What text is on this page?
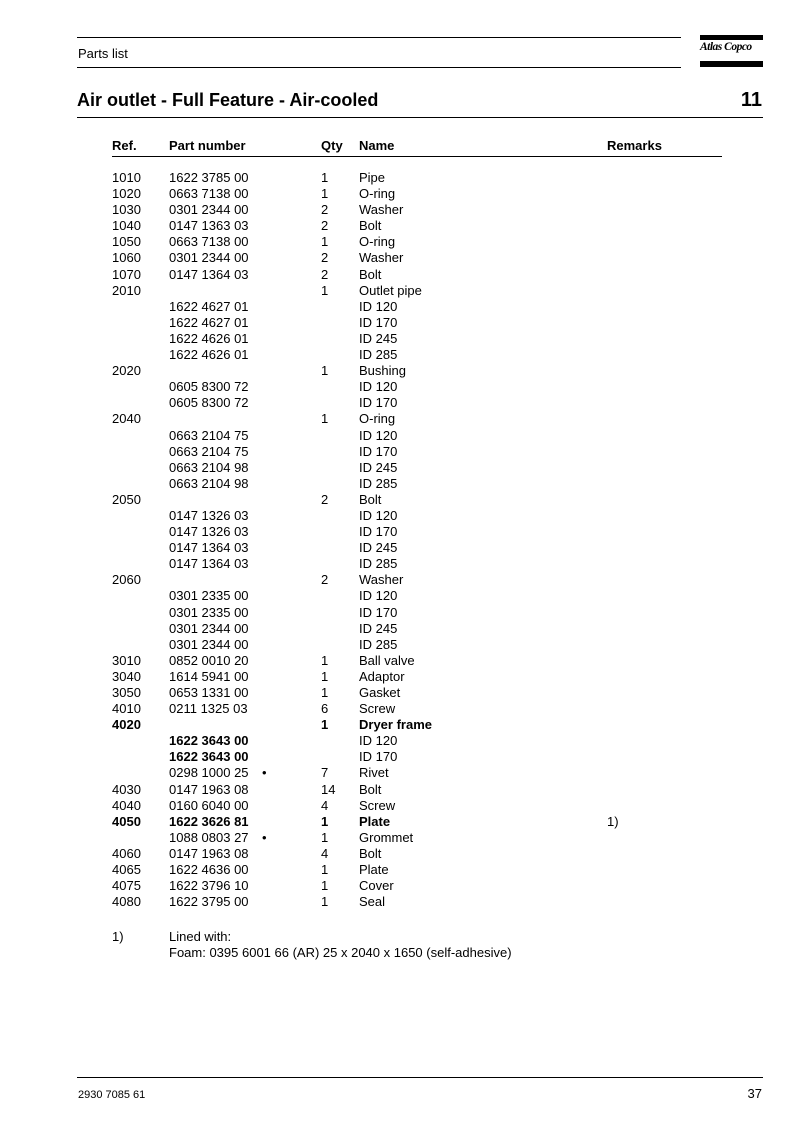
Parts list	Atlas Copco
Air outlet - Full Feature - Air-cooled	11
Ref. Part number	Qty Name	Remarks
1010 1622 3785 00	1 Pipe
1020 0663 7138 00	1 O-ring
1030 0301 2344 00	2 Washer
1040 0147 1363 03	2 Bolt
1050 0663 7138 00	1 O-ring
1060 0301 2344 00	2 Washer
1070 0147 1364 03	2 Bolt
2010	1 Outlet pipe
1622 4627 01	ID 120
1622 4627 01	ID 170
1622 4626 01	ID 245
1622 4626 01	ID 285
2020	1 Bushing
0605 8300 72	ID 120
0605 8300 72	ID 170
2040	1 O-ring
0663 2104 75	ID 120
0663 2104 75	ID 170
0663 2104 98	ID 245
0663 2104 98	ID 285
2050	2 Bolt
0147 1326 03	ID 120
0147 1326 03	ID 170
0147 1364 03	ID 245
0147 1364 03	ID 285
2060	2 Washer
0301 2335 00	ID 120
0301 2335 00	ID 170
0301 2344 00	ID 245
0301 2344 00	ID 285
3010 0852 0010 20	1 Ball valve
3040 1614 5941 00	1 Adaptor
3050 0653 1331 00	1 Gasket
4010 0211 1325 03	6 Screw
4020	1 Dryer frame
1622 3643 00	ID 120
1622 3643 00	ID 170
0298 1000 25 •	7 Rivet
4030 0147 1963 08	14 Bolt
4040 0160 6040 00	4 Screw
4050 1622 3626 81	1 Plate	1)
1088 0803 27 •	1 Grommet
4060 0147 1963 08	4 Bolt
4065 1622 4636 00	1 Plate
4075 1622 3796 10	1 Cover
4080 1622 3795 00	1 Seal
1)	Lined with:
Foam: 0395 6001 66 (AR) 25 x 2040 x 1650 (self-adhesive)
2930 7085 61	37
